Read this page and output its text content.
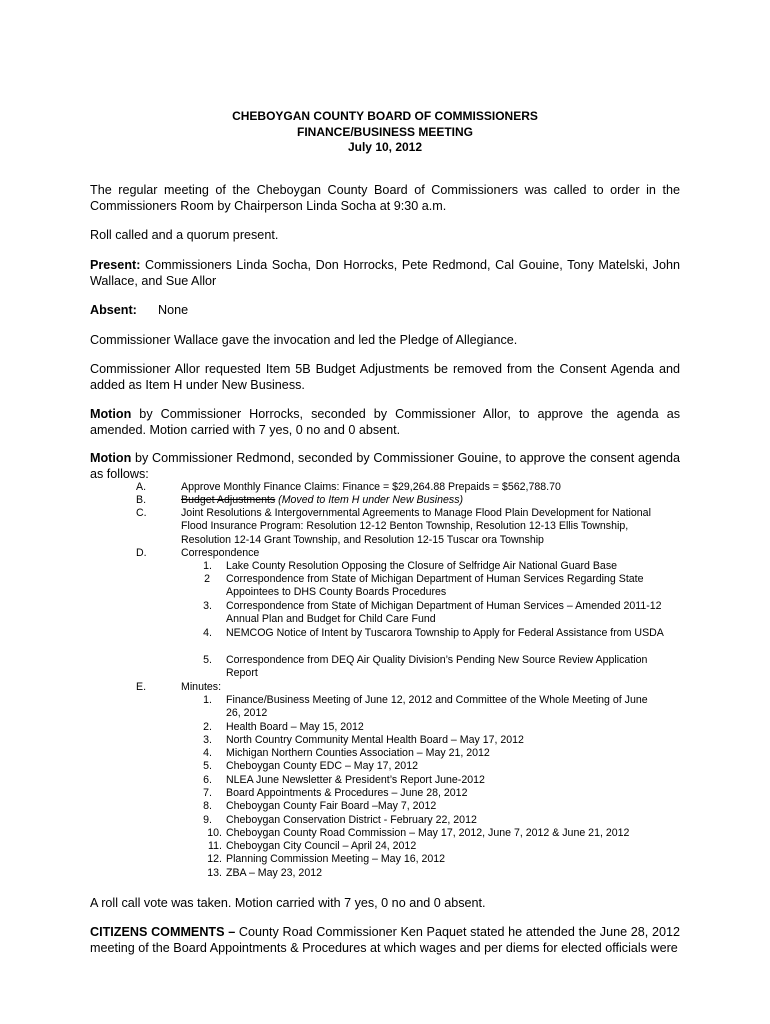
CHEBOYGAN COUNTY BOARD OF COMMISSIONERS
FINANCE/BUSINESS MEETING
July 10, 2012
The regular meeting of the Cheboygan County Board of Commissioners was called to order in the Commissioners Room by Chairperson Linda Socha at 9:30 a.m.
Roll called and a quorum present.
Present: Commissioners Linda Socha, Don Horrocks, Pete Redmond, Cal Gouine, Tony Matelski, John Wallace, and Sue Allor
Absent: None
Commissioner Wallace gave the invocation and led the Pledge of Allegiance.
Commissioner Allor requested Item 5B Budget Adjustments be removed from the Consent Agenda and added as Item H under New Business.
Motion by Commissioner Horrocks, seconded by Commissioner Allor, to approve the agenda as amended. Motion carried with 7 yes, 0 no and 0 absent.
Motion by Commissioner Redmond, seconded by Commissioner Gouine, to approve the consent agenda as follows:
A.	Approve Monthly Finance Claims: Finance = $29,264.88 Prepaids = $562,788.70
B.	Budget Adjustments (Moved to Item H under New Business)
C.	Joint Resolutions & Intergovernmental Agreements to Manage Flood Plain Development for National Flood Insurance Program: Resolution 12-12 Benton Township, Resolution 12-13 Ellis Township, Resolution 12-14 Grant Township, and Resolution 12-15 Tuscar ora Township
D.	Correspondence
1. Lake County Resolution Opposing the Closure of Selfridge Air National Guard Base
2 Correspondence from State of Michigan Department of Human Services Regarding State Appointees to DHS County Boards Procedures
3. Correspondence from State of Michigan Department of Human Services – Amended 2011-12 Annual Plan and Budget for Child Care Fund
4. NEMCOG Notice of Intent by Tuscarora Township to Apply for Federal Assistance from USDA
5. Correspondence from DEQ Air Quality Division’s Pending New Source Review Application Report
E.	Minutes:
1. Finance/Business Meeting of June 12, 2012 and Committee of the Whole Meeting of June 26, 2012
2. Health Board – May 15, 2012
3. North Country Community Mental Health Board – May 17, 2012
4. Michigan Northern Counties Association – May 21, 2012
5. Cheboygan County EDC – May 17, 2012
6. NLEA June Newsletter & President’s Report June-2012
7. Board Appointments & Procedures – June 28, 2012
8. Cheboygan County Fair Board –May 7, 2012
9. Cheboygan Conservation District - February 22, 2012
10. Cheboygan County Road Commission – May 17, 2012, June 7, 2012 & June 21, 2012
11. Cheboygan City Council – April 24, 2012
12. Planning Commission Meeting – May 16, 2012
13. ZBA – May 23, 2012
A roll call vote was taken. Motion carried with 7 yes, 0 no and 0 absent.
CITIZENS COMMENTS – County Road Commissioner Ken Paquet stated he attended the June 28, 2012 meeting of the Board Appointments & Procedures at which wages and per diems for elected officials were
